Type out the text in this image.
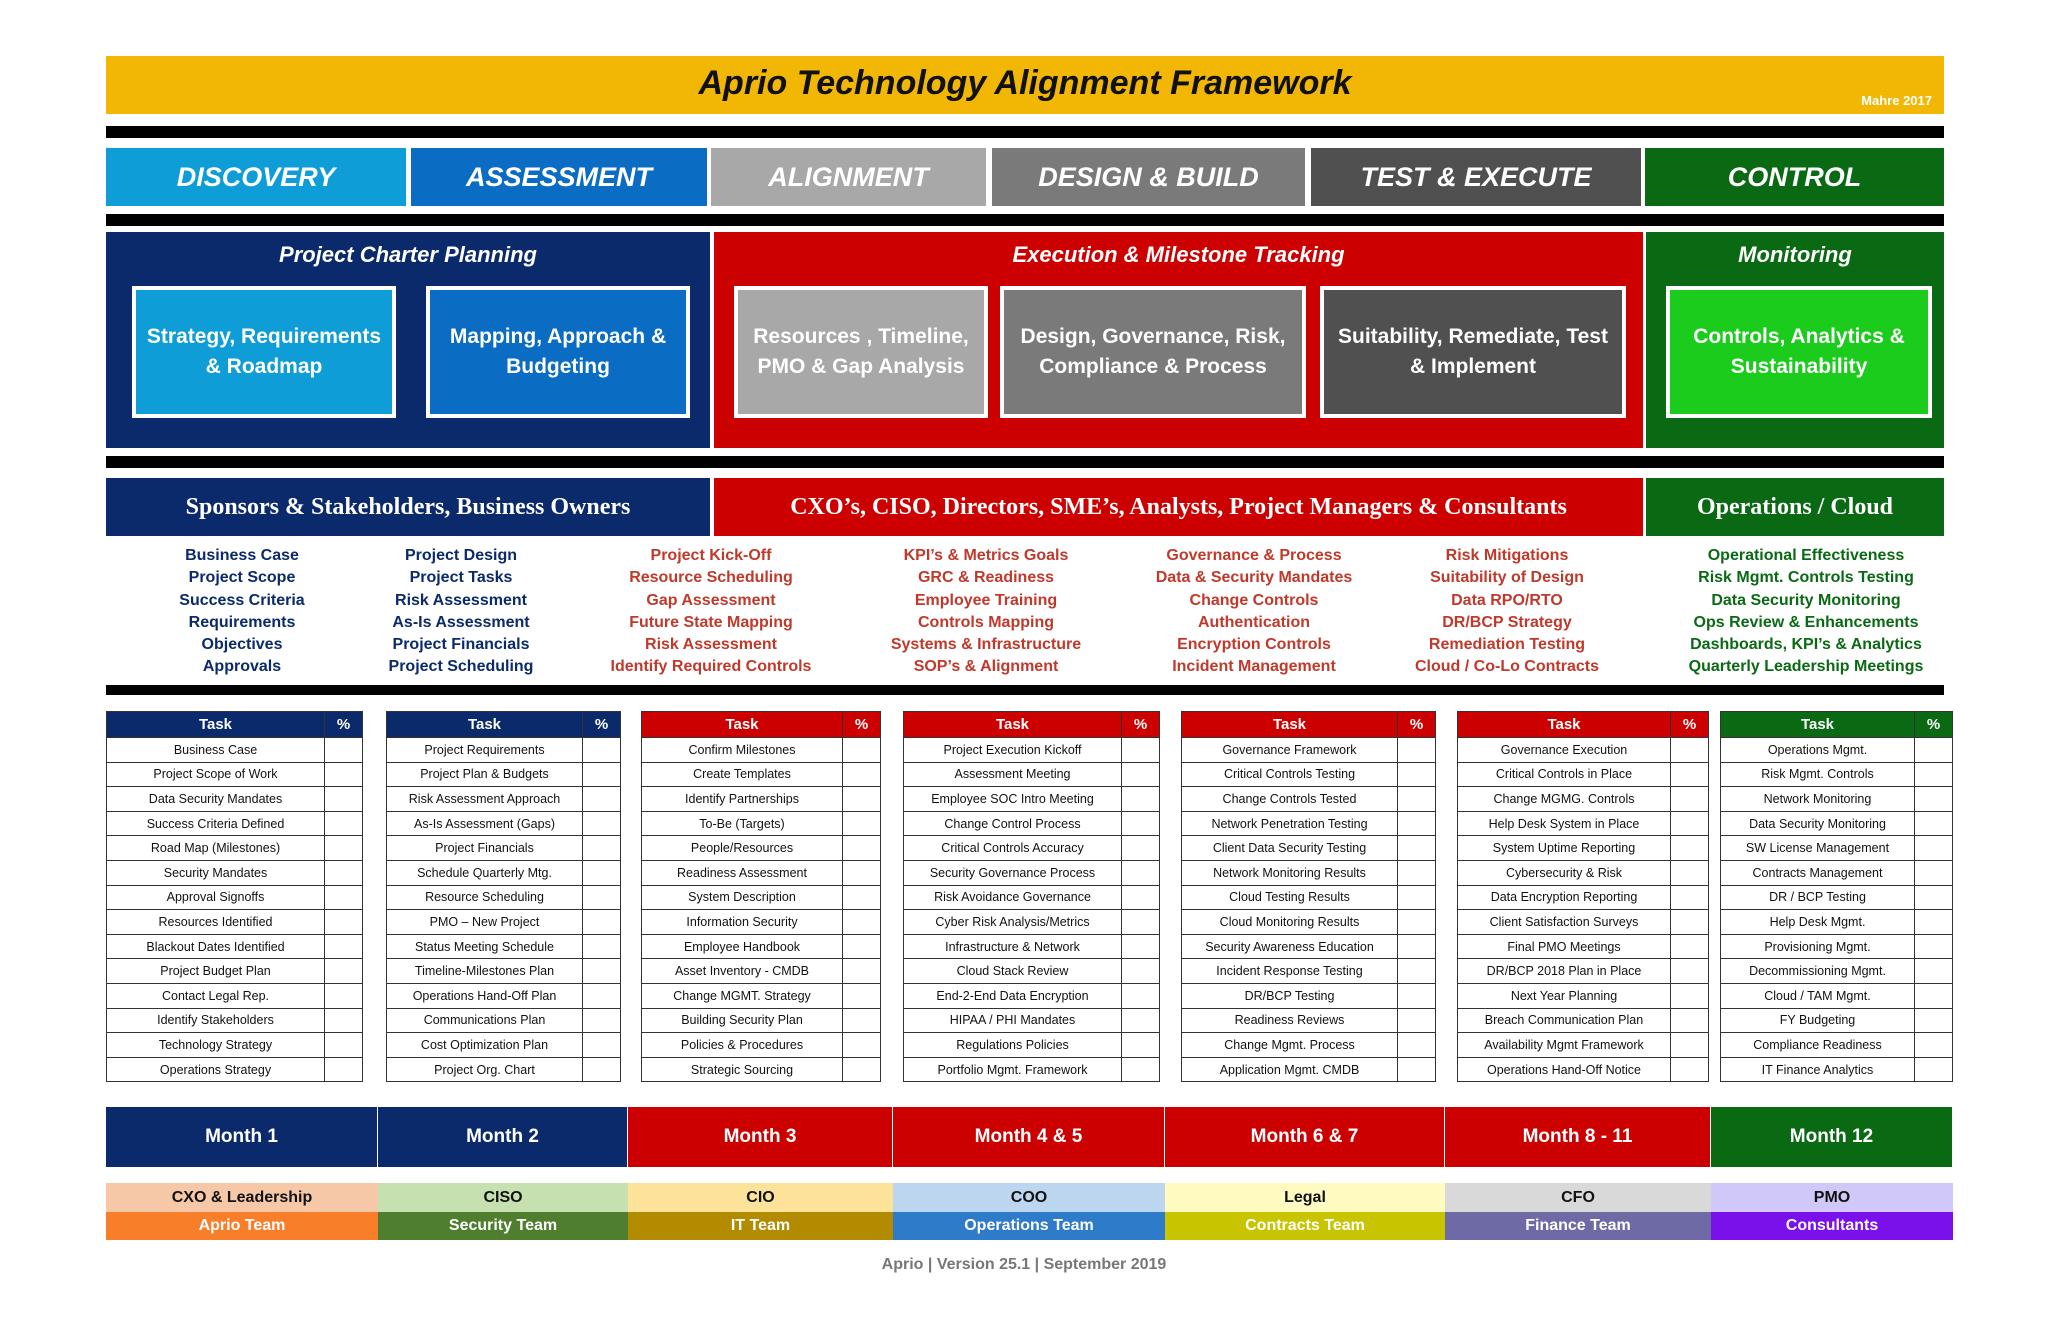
Aprio Technology Alignment Framework	Mahre 2017
DISCOVERY	ASSESSMENT	ALIGNMENT	DESIGN & BUILD	TEST & EXECUTE	CONTROL
Project Charter Planning
Strategy, Requirements & Roadmap
Mapping, Approach & Budgeting
Execution & Milestone Tracking
Resources , Timeline, PMO & Gap Analysis
Design, Governance, Risk, Compliance & Process
Suitability, Remediate, Test & Implement
Monitoring
Controls, Analytics & Sustainability
Sponsors & Stakeholders, Business Owners	CXO’s, CISO, Directors, SME’s, Analysts, Project Managers & Consultants	Operations / Cloud
Business Case
Project Scope
Success Criteria
Requirements
Objectives
Approvals
Project Design
Project Tasks
Risk Assessment
As-Is Assessment
Project Financials
Project Scheduling
Project Kick-Off
Resource Scheduling
Gap Assessment
Future State Mapping
Risk Assessment
Identify Required Controls
KPI’s & Metrics Goals
GRC & Readiness
Employee Training
Controls Mapping
Systems & Infrastructure
SOP’s & Alignment
Governance & Process
Data & Security Mandates
Change Controls
Authentication
Encryption Controls
Incident Management
Risk Mitigations
Suitability of Design
Data RPO/RTO
DR/BCP Strategy
Remediation Testing
Cloud / Co-Lo Contracts
Operational Effectiveness
Risk Mgmt. Controls Testing
Data Security Monitoring
Ops Review & Enhancements
Dashboards, KPI’s & Analytics
Quarterly Leadership Meetings
Task	%
Business Case	
Project Scope of Work	
Data Security Mandates	
Success Criteria Defined	
Road Map (Milestones)	
Security Mandates	
Approval Signoffs	
Resources Identified	
Blackout Dates Identified	
Project Budget Plan	
Contact Legal Rep.	
Identify Stakeholders	
Technology Strategy	
Operations Strategy	
Task	%
Project Requirements	
Project Plan & Budgets	
Risk Assessment Approach	
As-Is Assessment (Gaps)	
Project Financials	
Schedule Quarterly Mtg.	
Resource Scheduling	
PMO – New Project	
Status Meeting Schedule	
Timeline-Milestones Plan	
Operations Hand-Off Plan	
Communications Plan	
Cost Optimization Plan	
Project Org. Chart	
Task	%
Confirm Milestones	
Create Templates	
Identify Partnerships	
To-Be (Targets)	
People/Resources	
Readiness Assessment	
System Description	
Information Security	
Employee Handbook	
Asset Inventory - CMDB	
Change MGMT. Strategy	
Building Security Plan	
Policies & Procedures	
Strategic Sourcing	
Task	%
Project Execution Kickoff	
Assessment Meeting	
Employee SOC Intro Meeting	
Change Control Process	
Critical Controls Accuracy	
Security Governance Process	
Risk Avoidance Governance	
Cyber Risk Analysis/Metrics	
Infrastructure & Network	
Cloud Stack Review	
End-2-End Data Encryption	
HIPAA / PHI Mandates	
Regulations Policies	
Portfolio Mgmt. Framework	
Task	%
Governance Framework	
Critical Controls Testing	
Change Controls Tested	
Network Penetration Testing	
Client Data Security Testing	
Network Monitoring Results	
Cloud Testing Results	
Cloud Monitoring Results	
Security Awareness Education	
Incident Response Testing	
DR/BCP Testing	
Readiness Reviews	
Change Mgmt. Process	
Application Mgmt. CMDB	
Task	%
Governance Execution	
Critical Controls in Place	
Change MGMG. Controls	
Help Desk System in Place	
System Uptime Reporting	
Cybersecurity & Risk	
Data Encryption Reporting	
Client Satisfaction Surveys	
Final PMO Meetings	
DR/BCP 2018 Plan in Place	
Next Year Planning	
Breach Communication Plan	
Availability Mgmt Framework	
Operations Hand-Off Notice	
Task	%
Operations Mgmt.	
Risk Mgmt. Controls	
Network Monitoring	
Data Security Monitoring	
SW License Management	
Contracts Management	
DR / BCP Testing	
Help Desk Mgmt.	
Provisioning Mgmt.	
Decommissioning Mgmt.	
Cloud / TAM Mgmt.	
FY Budgeting	
Compliance Readiness	
IT Finance Analytics	
Month 1	Month 2	Month 3	Month 4 & 5	Month 6 & 7	Month 8 - 11	Month 12
CXO & Leadership	CISO	CIO	COO	Legal	CFO	PMO
Aprio Team	Security Team	IT Team	Operations Team	Contracts Team	Finance Team	Consultants
Aprio | Version 25.1 | September 2019
